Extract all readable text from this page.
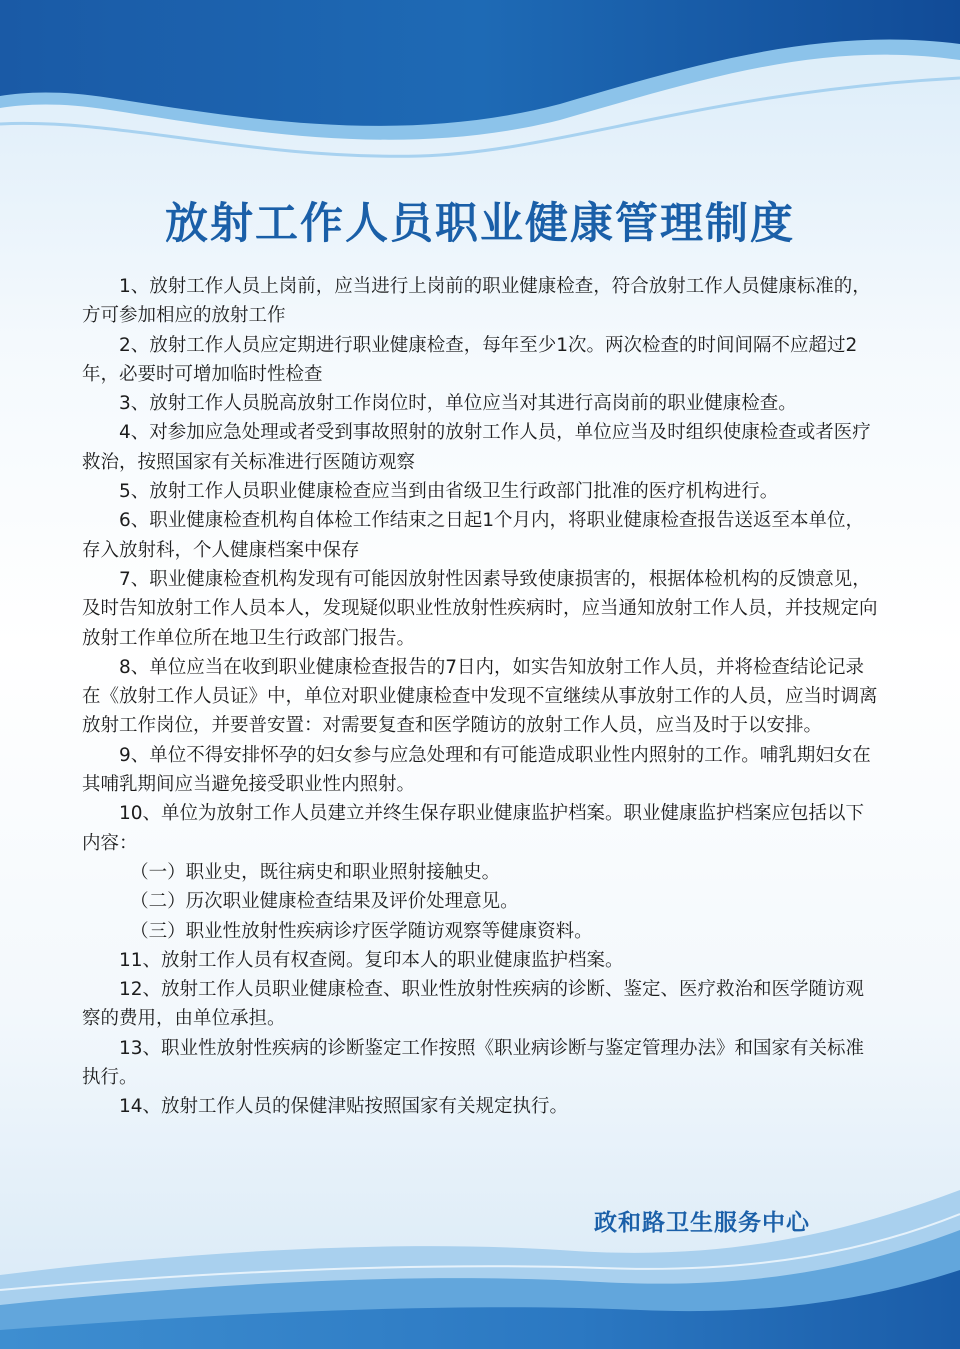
放射工作人员职业健康管理制度

1、放射工作人员上岗前，应当进行上岗前的职业健康检查，符合放射工作人员健康标准的，方可参加相应的放射工作

2、放射工作人员应定期进行职业健康检查，每年至少1次。两次检查的时间间隔不应超过2年，必要时可增加临时性检查

3、放射工作人员脱高放射工作岗位时，单位应当对其进行高岗前的职业健康检查。

4、对参加应急处理或者受到事故照射的放射工作人员，单位应当及时组织使康检查或者医疗救治，按照国家有关标准进行医随访观察

5、放射工作人员职业健康检查应当到由省级卫生行政部门批准的医疗机构进行。

6、职业健康检查机构自体检工作结束之日起1个月内，将职业健康检查报告送返至本单位，存入放射科，个人健康档案中保存

7、职业健康检查机构发现有可能因放射性因素导致使康损害的，根据体检机构的反馈意见，及时告知放射工作人员本人，发现疑似职业性放射性疾病时，应当通知放射工作人员，并技规定向放射工作单位所在地卫生行政部门报告。

8、单位应当在收到职业健康检查报告的7日内，如实告知放射工作人员，并将检查结论记录在《放射工作人员证》中，单位对职业健康检查中发现不宣继续从事放射工作的人员，应当时调离放射工作岗位，并要普安置：对需要复查和医学随访的放射工作人员，应当及时于以安排。

9、单位不得安排怀孕的妇女参与应急处理和有可能造成职业性内照射的工作。哺乳期妇女在其哺乳期间应当避免接受职业性内照射。

10、单位为放射工作人员建立并终生保存职业健康监护档案。职业健康监护档案应包括以下内容：

（一）职业史，既往病史和职业照射接触史。

（二）历次职业健康检查结果及评价处理意见。

（三）职业性放射性疾病诊疗医学随访观察等健康资料。

11、放射工作人员有权查阅。复印本人的职业健康监护档案。

12、放射工作人员职业健康检查、职业性放射性疾病的诊断、鉴定、医疗救治和医学随访观察的费用，由单位承担。

13、职业性放射性疾病的诊断鉴定工作按照《职业病诊断与鉴定管理办法》和国家有关标准执行。

14、放射工作人员的保健津贴按照国家有关规定执行。

政和路卫生服务中心
